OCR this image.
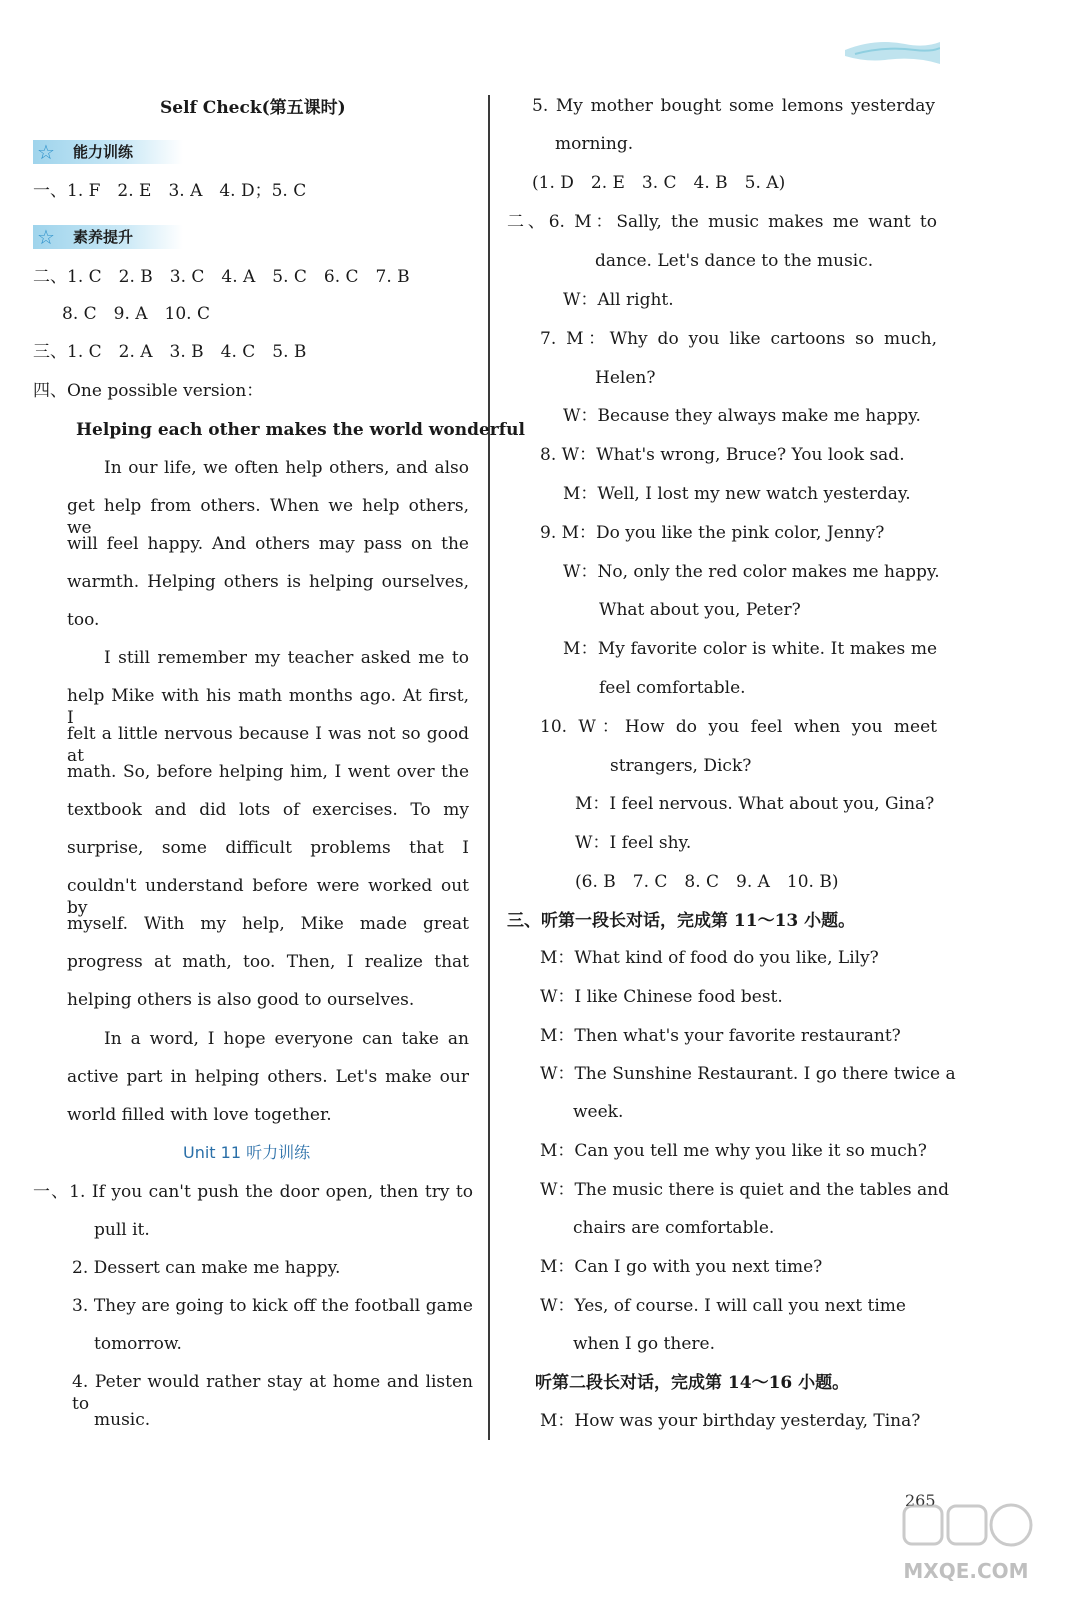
Self Check(第五课时)
☆ 能力训练
一、1. F　2. E　3. A　4. D；5. C
☆ 素养提升
二、1. C　2. B　3. C　4. A　5. C　6. C　7. B
8. C　9. A　10. C
三、1. C　2. A　3. B　4. C　5. B
四、One possible version：
Helping each other makes the world wonderful
In our life, we often help others, and also
get help from others. When we help others, we
will feel happy. And others may pass on the
warmth. Helping others is helping ourselves,
too.
I still remember my teacher asked me to
help Mike with his math months ago. At first, I
felt a little nervous because I was not so good at
math. So, before helping him, I went over the
textbook and did lots of exercises. To my
surprise, some difficult problems that I
couldn't understand before were worked out by
myself. With my help, Mike made great
progress at math, too. Then, I realize that
helping others is also good to ourselves.
In a word, I hope everyone can take an
active part in helping others. Let's make our
world filled with love together.
Unit 11 听力训练
一、1. If you can't push the door open, then try to
pull it.
2. Dessert can make me happy.
3. They are going to kick off the football game
tomorrow.
4. Peter would rather stay at home and listen to
music.
5. My mother bought some lemons yesterday
morning.
(1. D　2. E　3. C　4. B　5. A)
二、6. M：Sally, the music makes me want to
dance. Let's dance to the music.
W：All right.
7. M：Why do you like cartoons so much,
Helen?
W：Because they always make me happy.
8. W：What's wrong, Bruce? You look sad.
M：Well, I lost my new watch yesterday.
9. M：Do you like the pink color, Jenny?
W：No, only the red color makes me happy.
What about you, Peter?
M：My favorite color is white. It makes me
feel comfortable.
10. W：How do you feel when you meet
strangers, Dick?
M：I feel nervous. What about you, Gina?
W：I feel shy.
(6. B　7. C　8. C　9. A　10. B)
三、听第一段长对话，完成第 11～13 小题。
M：What kind of food do you like, Lily?
W：I like Chinese food best.
M：Then what's your favorite restaurant?
W：The Sunshine Restaurant. I go there twice a
week.
M：Can you tell me why you like it so much?
W：The music there is quiet and the tables and
chairs are comfortable.
M：Can I go with you next time?
W：Yes, of course. I will call you next time
when I go there.
听第二段长对话，完成第 14～16 小题。
M：How was your birthday yesterday, Tina?
265
MXQE.COM
